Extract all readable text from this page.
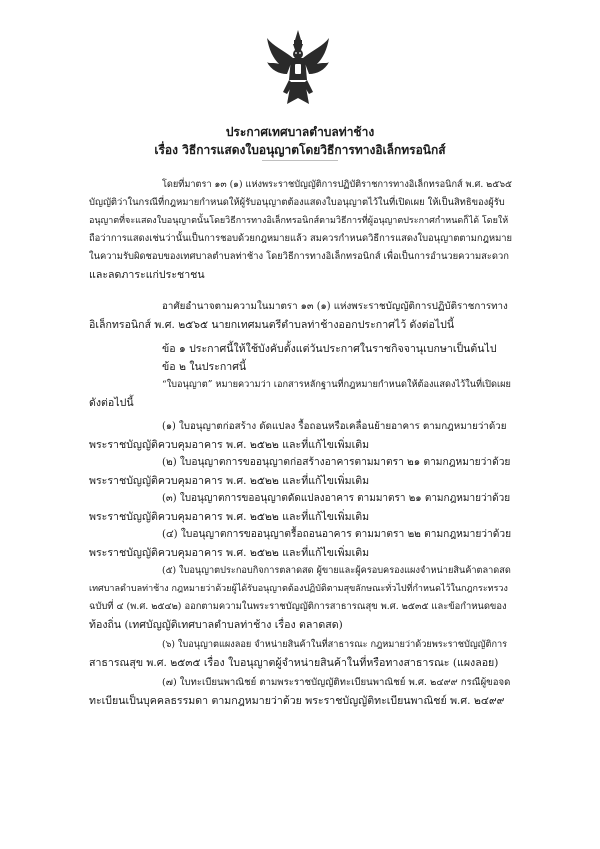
ประกาศเทศบาลตำบลท่าช้าง
เรื่อง วิธีการแสดงใบอนุญาตโดยวิธีการทางอิเล็กทรอนิกส์
โดยที่มาตรา ๑๓ (๑) แห่งพระราชบัญญัติการปฏิบัติราชการทางอิเล็กทรอนิกส์ พ.ศ. ๒๕๖๕
บัญญัติว่าในกรณีที่กฎหมายกำหนดให้ผู้รับอนุญาตต้องแสดงใบอนุญาตไว้ในที่เปิดเผย ให้เป็นสิทธิของผู้รับ
อนุญาตที่จะแสดงใบอนุญาตนั้นโดยวิธีการทางอิเล็กทรอนิกส์ตามวิธีการที่ผู้อนุญาตประกาศกำหนดก็ได้ โดยให้
ถือว่าการแสดงเช่นว่านั้นเป็นการชอบด้วยกฎหมายแล้ว สมควรกำหนดวิธีการแสดงใบอนุญาตตามกฎหมาย
ในความรับผิดชอบของเทศบาลตำบลท่าช้าง โดยวิธีการทางอิเล็กทรอนิกส์ เพื่อเป็นการอำนวยความสะดวก
และลดภาระแก่ประชาชน
อาศัยอำนาจตามความในมาตรา ๑๓ (๑) แห่งพระราชบัญญัติการปฏิบัติราชการทาง
อิเล็กทรอนิกส์ พ.ศ. ๒๕๖๕ นายกเทศมนตรีตำบลท่าช้างออกประกาศไว้ ดังต่อไปนี้
ข้อ ๑ ประกาศนี้ให้ใช้บังคับตั้งแต่วันประกาศในราชกิจจานุเบกษาเป็นต้นไป
ข้อ ๒ ในประกาศนี้
“ใบอนุญาต” หมายความว่า เอกสารหลักฐานที่กฎหมายกำหนดให้ต้องแสดงไว้ในที่เปิดเผย
ดังต่อไปนี้
(๑) ใบอนุญาตก่อสร้าง ดัดแปลง รื้อถอนหรือเคลื่อนย้ายอาคาร ตามกฎหมายว่าด้วย
พระราชบัญญัติควบคุมอาคาร พ.ศ. ๒๕๒๒ และที่แก้ไขเพิ่มเติม
(๒) ใบอนุญาตการขออนุญาตก่อสร้างอาคารตามมาตรา ๒๑ ตามกฎหมายว่าด้วย
พระราชบัญญัติควบคุมอาคาร พ.ศ. ๒๕๒๒ และที่แก้ไขเพิ่มเติม
(๓) ใบอนุญาตการขออนุญาตดัดแปลงอาคาร ตามมาตรา ๒๑ ตามกฎหมายว่าด้วย
พระราชบัญญัติควบคุมอาคาร พ.ศ. ๒๕๒๒ และที่แก้ไขเพิ่มเติม
(๔) ใบอนุญาตการขออนุญาตรื้อถอนอาคาร ตามมาตรา ๒๒ ตามกฎหมายว่าด้วย
พระราชบัญญัติควบคุมอาคาร พ.ศ. ๒๕๒๒ และที่แก้ไขเพิ่มเติม
(๕) ใบอนุญาตประกอบกิจการตลาดสด ผู้ขายและผู้ครอบครองแผงจำหน่ายสินค้าตลาดสด
เทศบาลตำบลท่าช้าง กฎหมายว่าด้วยผู้ได้รับอนุญาตต้องปฏิบัติตามสุขลักษณะทั่วไปที่กำหนดไว้ในกฎกระทรวง
ฉบับที่ ๔ (พ.ศ. ๒๕๔๒) ออกตามความในพระราชบัญญัติการสาธารณสุข พ.ศ. ๒๕๓๕ และข้อกำหนดของ
ท้องถิ่น (เทศบัญญัติเทศบาลตำบลท่าช้าง เรื่อง ตลาดสด)
(๖) ใบอนุญาตแผงลอย จำหน่ายสินค้าในที่สาธารณะ กฎหมายว่าด้วยพระราชบัญญัติการ
สาธารณสุข พ.ศ. ๒๕๓๕ เรื่อง ใบอนุญาตผู้จำหน่ายสินค้าในที่หรือทางสาธารณะ (แผงลอย)
(๗) ใบทะเบียนพาณิชย์ ตามพระราชบัญญัติทะเบียนพาณิชย์ พ.ศ. ๒๔๙๙ กรณีผู้ขอจด
ทะเบียนเป็นบุคคลธรรมดา ตามกฎหมายว่าด้วย พระราชบัญญัติทะเบียนพาณิชย์ พ.ศ. ๒๔๙๙
